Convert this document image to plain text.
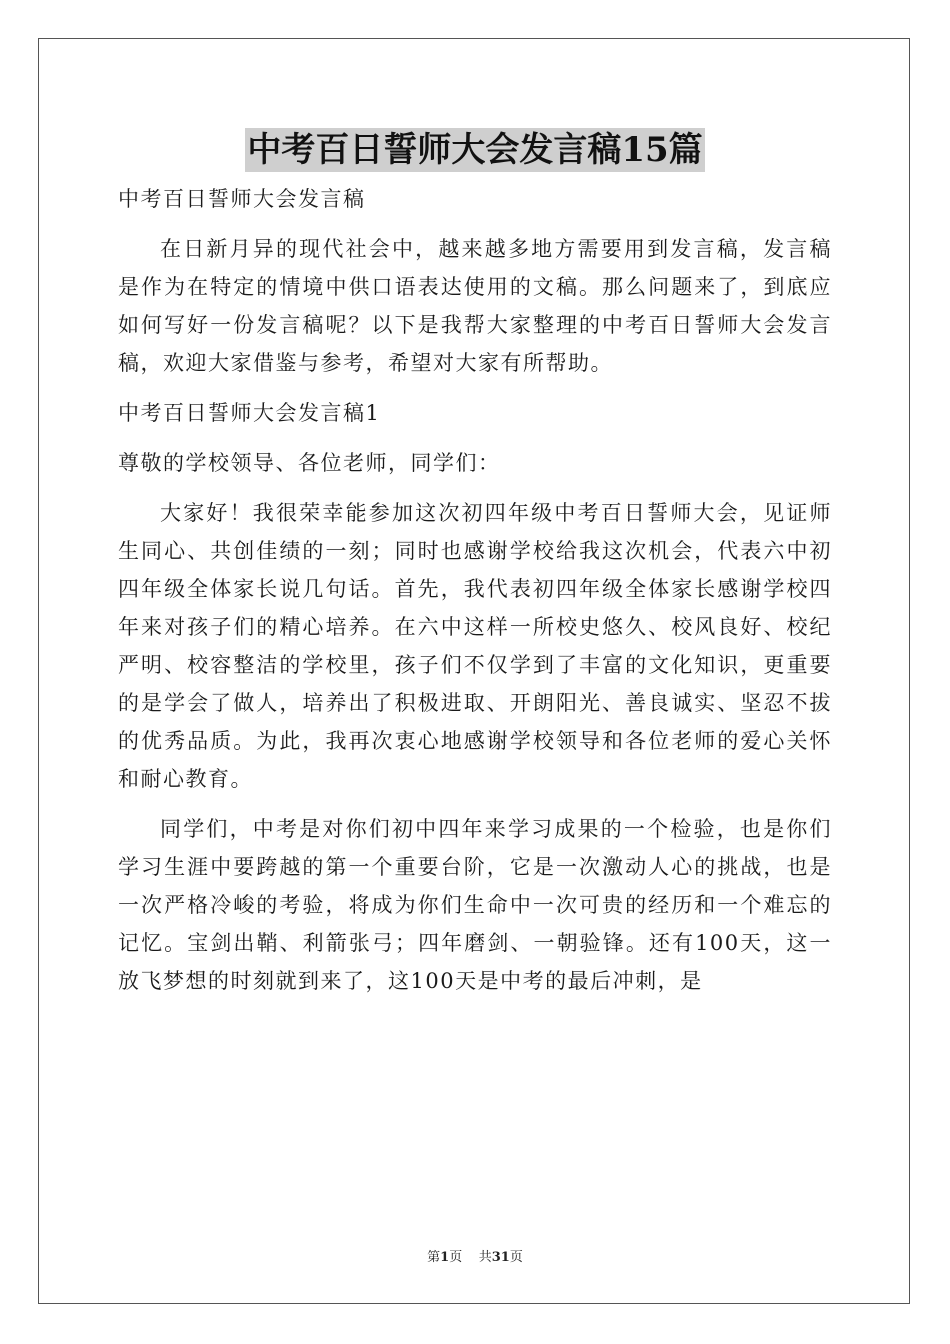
中考百日誓师大会发言稿15篇

中考百日誓师大会发言稿

在日新月异的现代社会中，越来越多地方需要用到发言稿，发言稿是作为在特定的情境中供口语表达使用的文稿。那么问题来了，到底应如何写好一份发言稿呢？以下是我帮大家整理的中考百日誓师大会发言稿，欢迎大家借鉴与参考，希望对大家有所帮助。

中考百日誓师大会发言稿1

尊敬的学校领导、各位老师，同学们：

大家好！我很荣幸能参加这次初四年级中考百日誓师大会，见证师生同心、共创佳绩的一刻；同时也感谢学校给我这次机会，代表六中初四年级全体家长说几句话。首先，我代表初四年级全体家长感谢学校四年来对孩子们的精心培养。在六中这样一所校史悠久、校风良好、校纪严明、校容整洁的学校里，孩子们不仅学到了丰富的文化知识，更重要的是学会了做人，培养出了积极进取、开朗阳光、善良诚实、坚忍不拔的优秀品质。为此，我再次衷心地感谢学校领导和各位老师的爱心关怀和耐心教育。

同学们，中考是对你们初中四年来学习成果的一个检验，也是你们学习生涯中要跨越的第一个重要台阶，它是一次激动人心的挑战，也是一次严格冷峻的考验，将成为你们生命中一次可贵的经历和一个难忘的记忆。宝剑出鞘、利箭张弓；四年磨剑、一朝验锋。还有100天，这一放飞梦想的时刻就到来了，这100天是中考的最后冲刺，是

第1页 共31页
